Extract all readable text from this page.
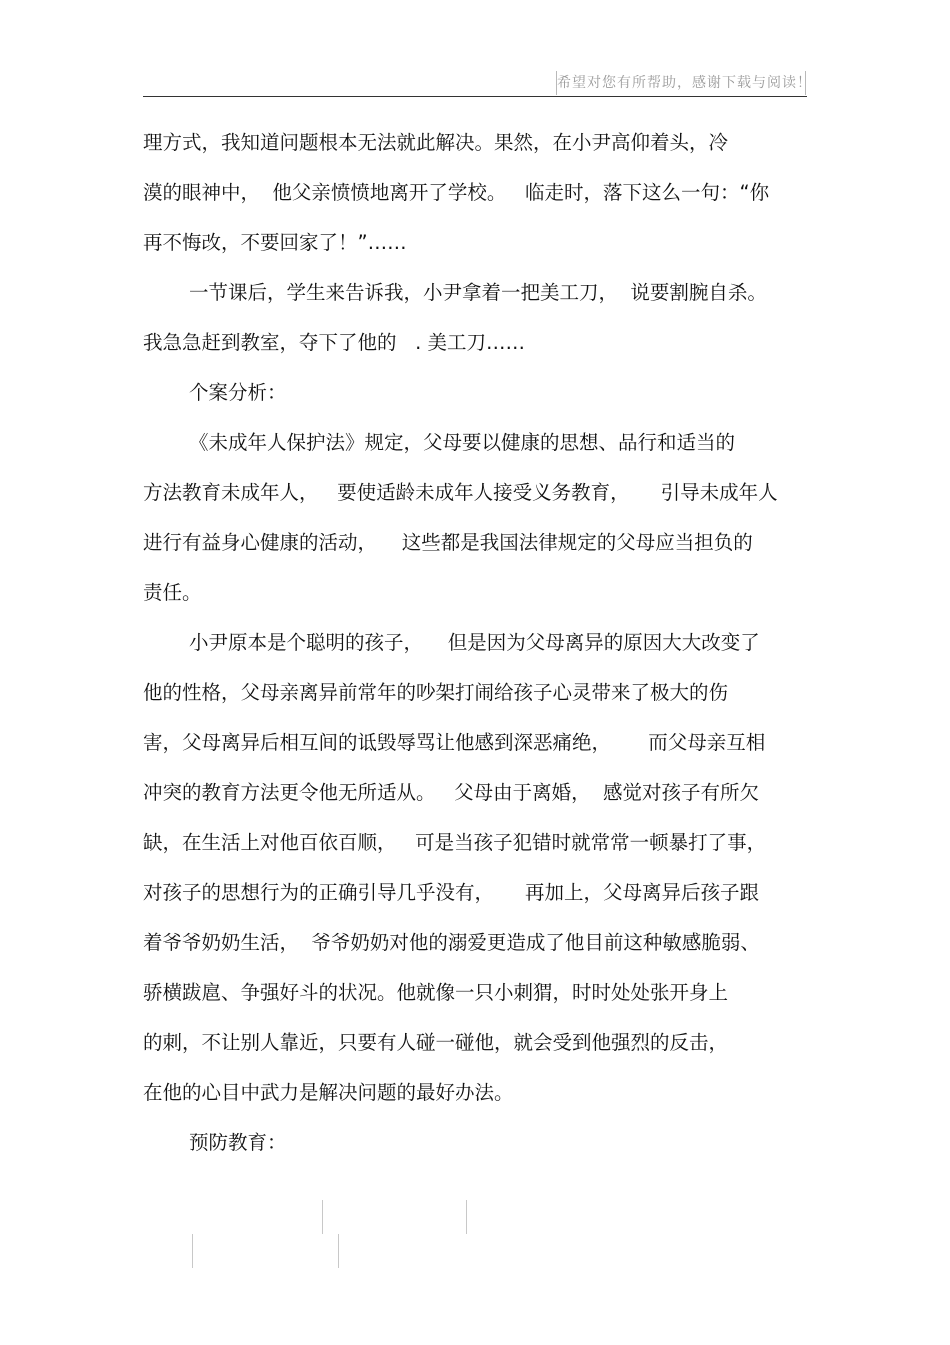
希望对您有所帮助，感谢下载与阅读！
理方式，我知道问题根本无法就此解决。果然，在小尹高仰着头，冷
漠的眼神中，  他父亲愤愤地离开了学校。   临走时，落下这么一句：“你
再不悔改，不要回家了！”……
一节课后，学生来告诉我，小尹拿着一把美工刀，  说要割腕自杀。
我急急赶到教室，夺下了他的   . 美工刀……
个案分析：
《未成年人保护法》规定，父母要以健康的思想、品行和适当的
方法教育未成年人，   要使适龄未成年人接受义务教育，     引导未成年人
进行有益身心健康的活动，    这些都是我国法律规定的父母应当担负的
责任。
小尹原本是个聪明的孩子，    但是因为父母离异的原因大大改变了
他的性格，父母亲离异前常年的吵架打闹给孩子心灵带来了极大的伤
害，父母离异后相互间的诋毁辱骂让他感到深恶痛绝，      而父母亲互相
冲突的教育方法更令他无所适从。   父母由于离婚，  感觉对孩子有所欠
缺，在生活上对他百依百顺，   可是当孩子犯错时就常常一顿暴打了事，
对孩子的思想行为的正确引导几乎没有，     再加上，父母离异后孩子跟
着爷爷奶奶生活，  爷爷奶奶对他的溺爱更造成了他目前这种敏感脆弱、
骄横跋扈、争强好斗的状况。他就像一只小刺猬，时时处处张开身上
的刺，不让别人靠近，只要有人碰一碰他，就会受到他强烈的反击，
在他的心目中武力是解决问题的最好办法。
预防教育：
